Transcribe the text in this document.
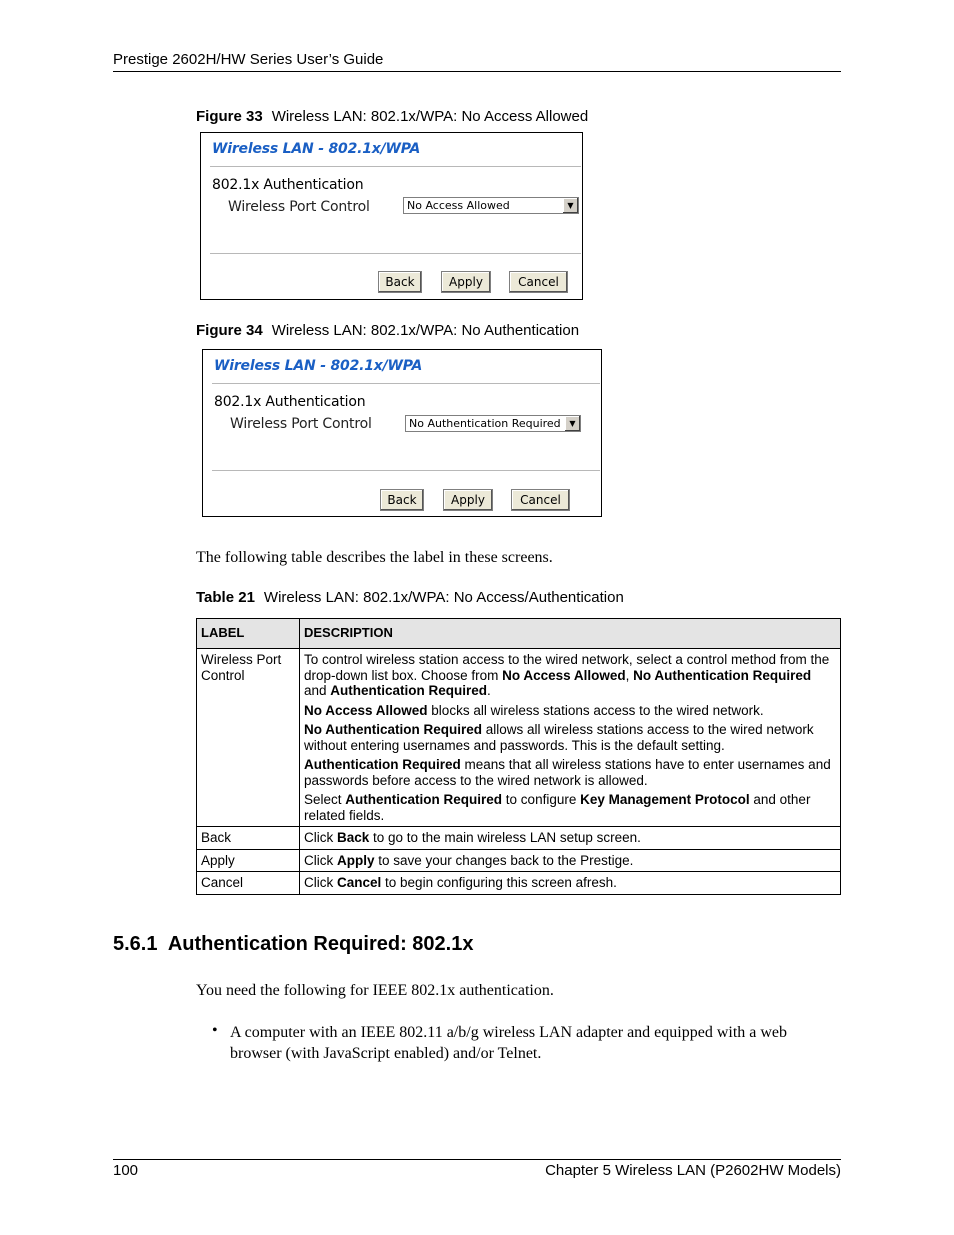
Prestige 2602H/HW Series User’s Guide
Figure 33 Wireless LAN: 802.1x/WPA: No Access Allowed
Wireless LAN - 802.1x/WPA
802.1x Authentication
Wireless Port Control	No Access Allowed	▼
Back	Apply	Cancel
Figure 34 Wireless LAN: 802.1x/WPA: No Authentication
Wireless LAN - 802.1x/WPA
802.1x Authentication
Wireless Port Control	No Authentication Required	▼
Back	Apply	Cancel
The following table describes the label in these screens.
Table 21 Wireless LAN: 802.1x/WPA: No Access/Authentication
LABEL	DESCRIPTION
Wireless Port Control	To control wireless station access to the wired network, select a control method from the drop-down list box. Choose from No Access Allowed, No Authentication Required and Authentication Required.

No Access Allowed blocks all wireless stations access to the wired network.

No Authentication Required allows all wireless stations access to the wired network without entering usernames and passwords. This is the default setting.

Authentication Required means that all wireless stations have to enter usernames and passwords before access to the wired network is allowed.

Select Authentication Required to configure Key Management Protocol and other related fields.

Back	Click Back to go to the main wireless LAN setup screen.
Apply	Click Apply to save your changes back to the Prestige.
Cancel	Click Cancel to begin configuring this screen afresh.
5.6.1  Authentication Required: 802.1x
You need the following for IEEE 802.1x authentication.
• A computer with an IEEE 802.11 a/b/g wireless LAN adapter and equipped with a web browser (with JavaScript enabled) and/or Telnet.
100	Chapter 5 Wireless LAN (P2602HW Models)
